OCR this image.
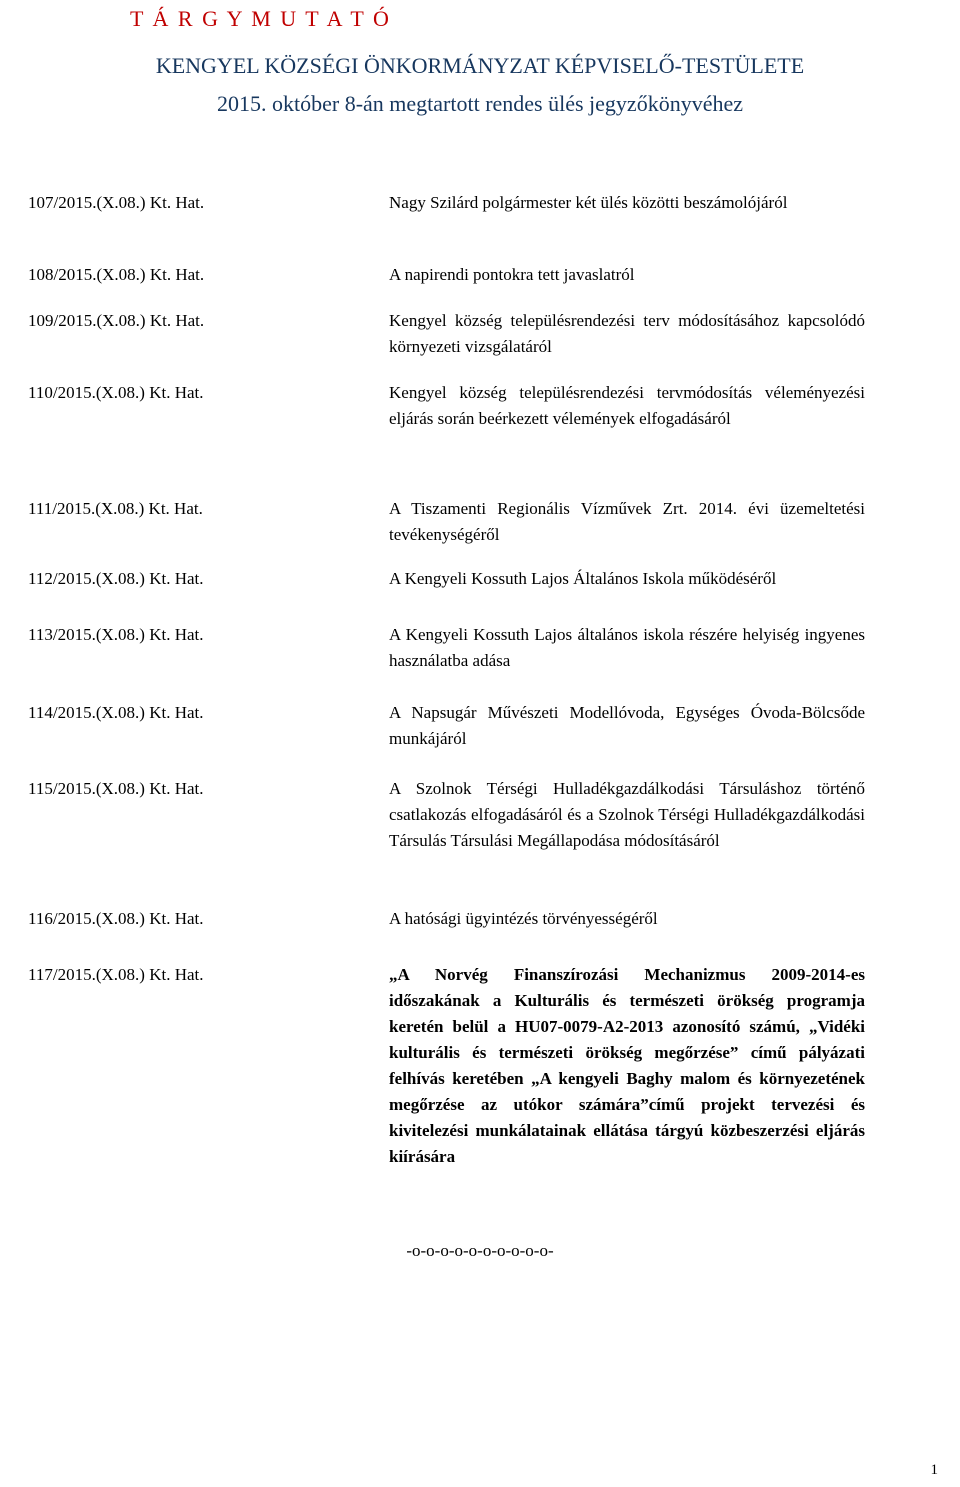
T Á R G Y M U T A T Ó
KENGYEL KÖZSÉGI ÖNKORMÁNYZAT KÉPVISELŐ-TESTÜLETE
2015. október 8-án megtartott rendes ülés jegyzőkönyvéhez
107/2015.(X.08.) Kt. Hat.	Nagy Szilárd polgármester két ülés közötti beszámolójáról
108/2015.(X.08.) Kt. Hat.	A napirendi pontokra tett javaslatról
109/2015.(X.08.) Kt. Hat.	Kengyel község településrendezési terv módosításához kapcsolódó környezeti vizsgálatáról
110/2015.(X.08.) Kt. Hat.	Kengyel község településrendezési tervmódosítás véleményezési eljárás során beérkezett vélemények elfogadásáról
111/2015.(X.08.) Kt. Hat.	A Tiszamenti Regionális Vízművek Zrt. 2014. évi üzemeltetési tevékenységéről
112/2015.(X.08.) Kt. Hat.	A Kengyeli Kossuth Lajos Általános Iskola működéséről
113/2015.(X.08.) Kt. Hat.	A Kengyeli Kossuth Lajos általános iskola részére helyiség ingyenes használatba adása
114/2015.(X.08.) Kt. Hat.	A Napsugár Művészeti Modellóvoda, Egységes Óvoda-Bölcsőde munkájáról
115/2015.(X.08.) Kt. Hat.	A Szolnok Térségi Hulladékgazdálkodási Társuláshoz történő csatlakozás elfogadásáról és a Szolnok Térségi Hulladékgazdálkodási Társulás Társulási Megállapodása módosításáról
116/2015.(X.08.) Kt. Hat.	A hatósági ügyintézés törvényességéről
117/2015.(X.08.) Kt. Hat.	„A Norvég Finanszírozási Mechanizmus 2009-2014-es időszakának a Kulturális és természeti örökség programja keretén belül a HU07-0079-A2-2013 azonosító számú, „Vidéki kulturális és természeti örökség megőrzése” című pályázati felhívás keretében „A kengyeli Baghy malom és környezetének megőrzése az utókor számára”című projekt tervezési és kivitelezési munkálatainak ellátása tárgyú közbeszerzési eljárás kiírására
-o-o-o-o-o-o-o-o-o-o-
1
